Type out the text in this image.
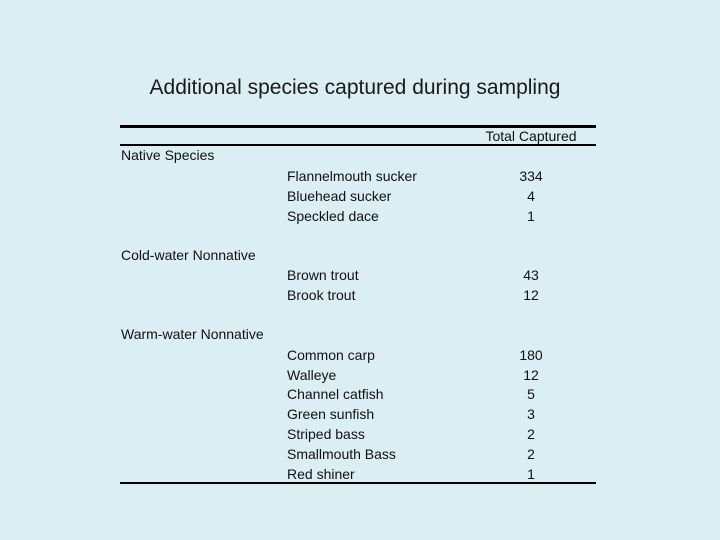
Additional species captured during sampling
Total Captured
Native Species
Flannelmouth sucker	334
Bluehead sucker	4
Speckled dace	1
Cold-water Nonnative
Brown trout	43
Brook trout	12
Warm-water Nonnative
Common carp	180
Walleye	12
Channel catfish	5
Green sunfish	3
Striped bass	2
Smallmouth Bass	2
Red shiner	1
